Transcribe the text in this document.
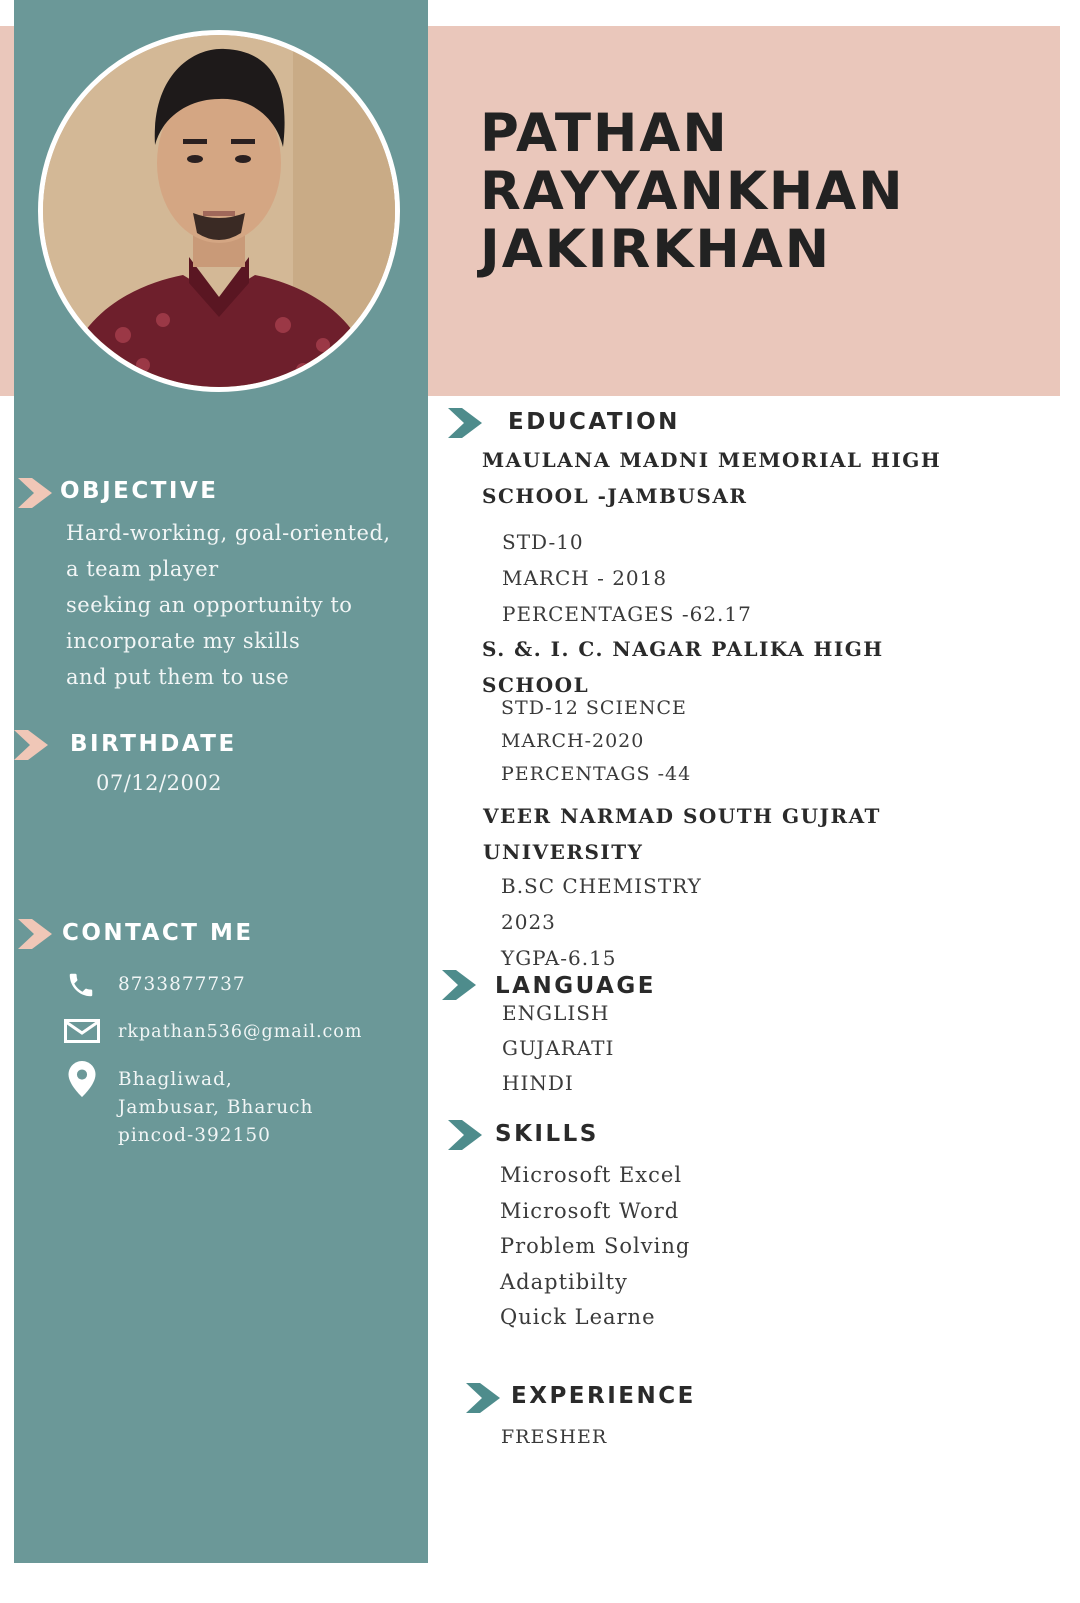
PATHAN
RAYYANKHAN
JAKIRKHAN
OBJECTIVE
Hard-working, goal-oriented,
a team player
seeking an opportunity to
incorporate my skills
and put them to use
BIRTHDATE
07/12/2002
CONTACT ME
8733877737
rkpathan536@gmail.com
Bhagliwad,
Jambusar, Bharuch
pincod-392150
EDUCATION
MAULANA MADNI MEMORIAL HIGH
SCHOOL -JAMBUSAR
STD-10
MARCH - 2018
PERCENTAGES -62.17
S. &. I. C. NAGAR PALIKA HIGH
SCHOOL
STD-12 SCIENCE
MARCH-2020
PERCENTAGS -44
VEER NARMAD SOUTH GUJRAT
UNIVERSITY
B.SC CHEMISTRY
2023
YGPA-6.15
LANGUAGE
ENGLISH
GUJARATI
HINDI
SKILLS
Microsoft Excel
Microsoft Word
Problem Solving
Adaptibilty
Quick Learne
EXPERIENCE
FRESHER
